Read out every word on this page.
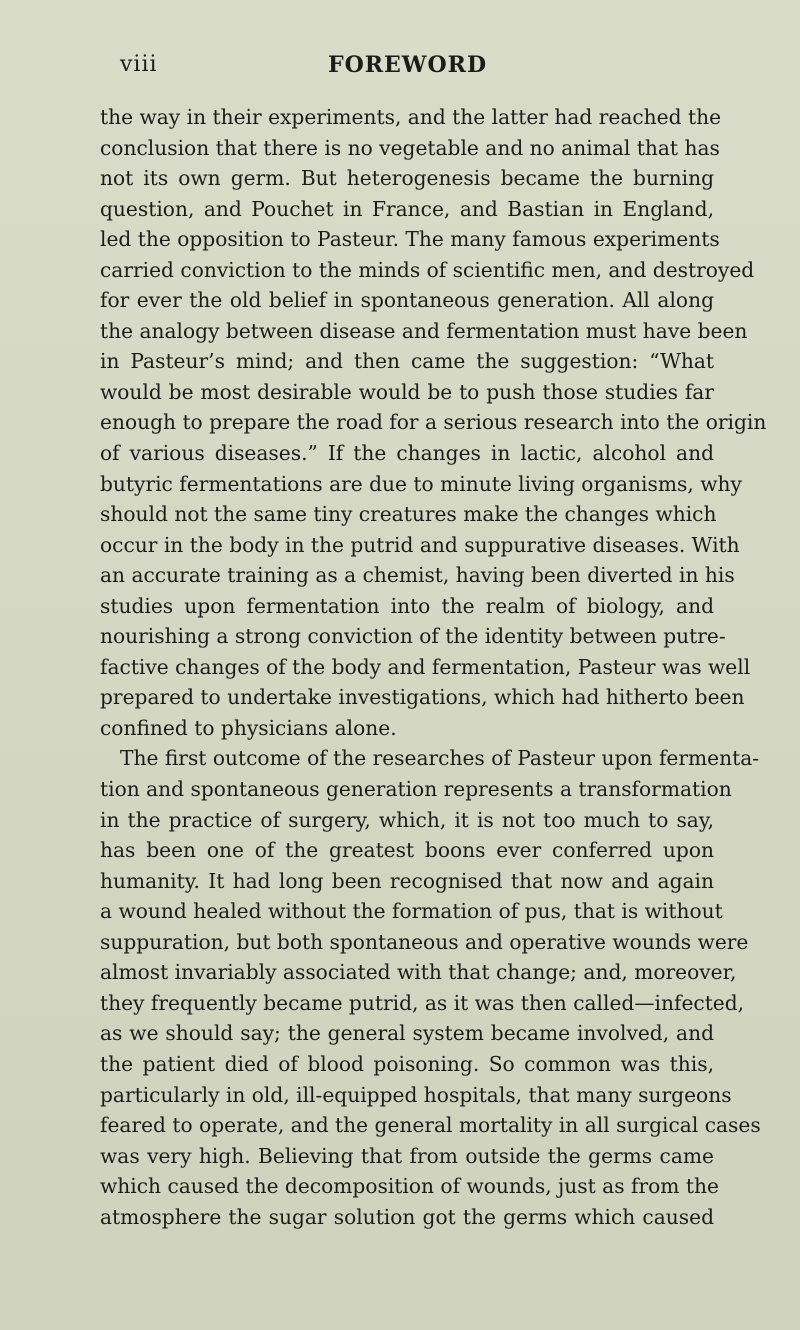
viii	FOREWORD
the way in their experiments, and the latter had reached the
conclusion that there is no vegetable and no animal that has
not its own germ. But heterogenesis became the burning
question, and Pouchet in France, and Bastian in England,
led the opposition to Pasteur. The many famous experiments
carried conviction to the minds of scientific men, and destroyed
for ever the old belief in spontaneous generation. All along
the analogy between disease and fermentation must have been
in Pasteur’s mind; and then came the suggestion: “What
would be most desirable would be to push those studies far
enough to prepare the road for a serious research into the origin
of various diseases.” If the changes in lactic, alcohol and
butyric fermentations are due to minute living organisms, why
should not the same tiny creatures make the changes which
occur in the body in the putrid and suppurative diseases. With
an accurate training as a chemist, having been diverted in his
studies upon fermentation into the realm of biology, and
nourishing a strong conviction of the identity between putre-
factive changes of the body and fermentation, Pasteur was well
prepared to undertake investigations, which had hitherto been
confined to physicians alone.
The first outcome of the researches of Pasteur upon fermenta-
tion and spontaneous generation represents a transformation
in the practice of surgery, which, it is not too much to say,
has been one of the greatest boons ever conferred upon
humanity. It had long been recognised that now and again
a wound healed without the formation of pus, that is without
suppuration, but both spontaneous and operative wounds were
almost invariably associated with that change; and, moreover,
they frequently became putrid, as it was then called—infected,
as we should say; the general system became involved, and
the patient died of blood poisoning. So common was this,
particularly in old, ill-equipped hospitals, that many surgeons
feared to operate, and the general mortality in all surgical cases
was very high. Believing that from outside the germs came
which caused the decomposition of wounds, just as from the
atmosphere the sugar solution got the germs which caused
